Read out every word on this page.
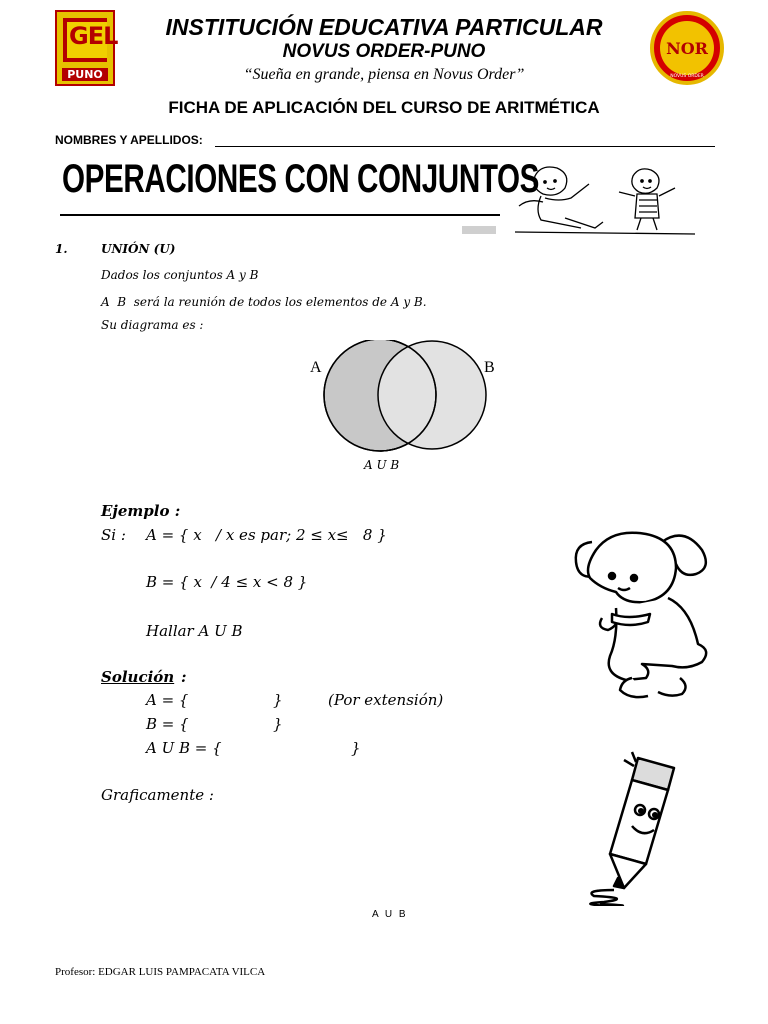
GEL
PUNO
NOR
NOVUS ORDER
INSTITUCIÓN EDUCATIVA PARTICULAR
NOVUS ORDER-PUNO
“Sueña en grande, piensa en Novus Order”
FICHA DE APLICACIÓN DEL CURSO DE ARITMÉTICA
NOMBRES Y APELLIDOS:
OPERACIONES CON CONJUNTOS
1.	UNIÓN (U)
Dados los conjuntos A y B
A  B  será la reunión de todos los elementos de A y B.
Su diagrama es :
A	B
A U B
Ejemplo :
Si : A = { x   / x es par; 2 ≤ x≤   8 }
B = { x  / 4 ≤ x < 8 }
Hallar A U B
Solución :
A = {	}	(Por extensión)
B = {	}
A U B = {	}
Graficamente :
A U B
Profesor: EDGAR LUIS PAMPACATA VILCA
